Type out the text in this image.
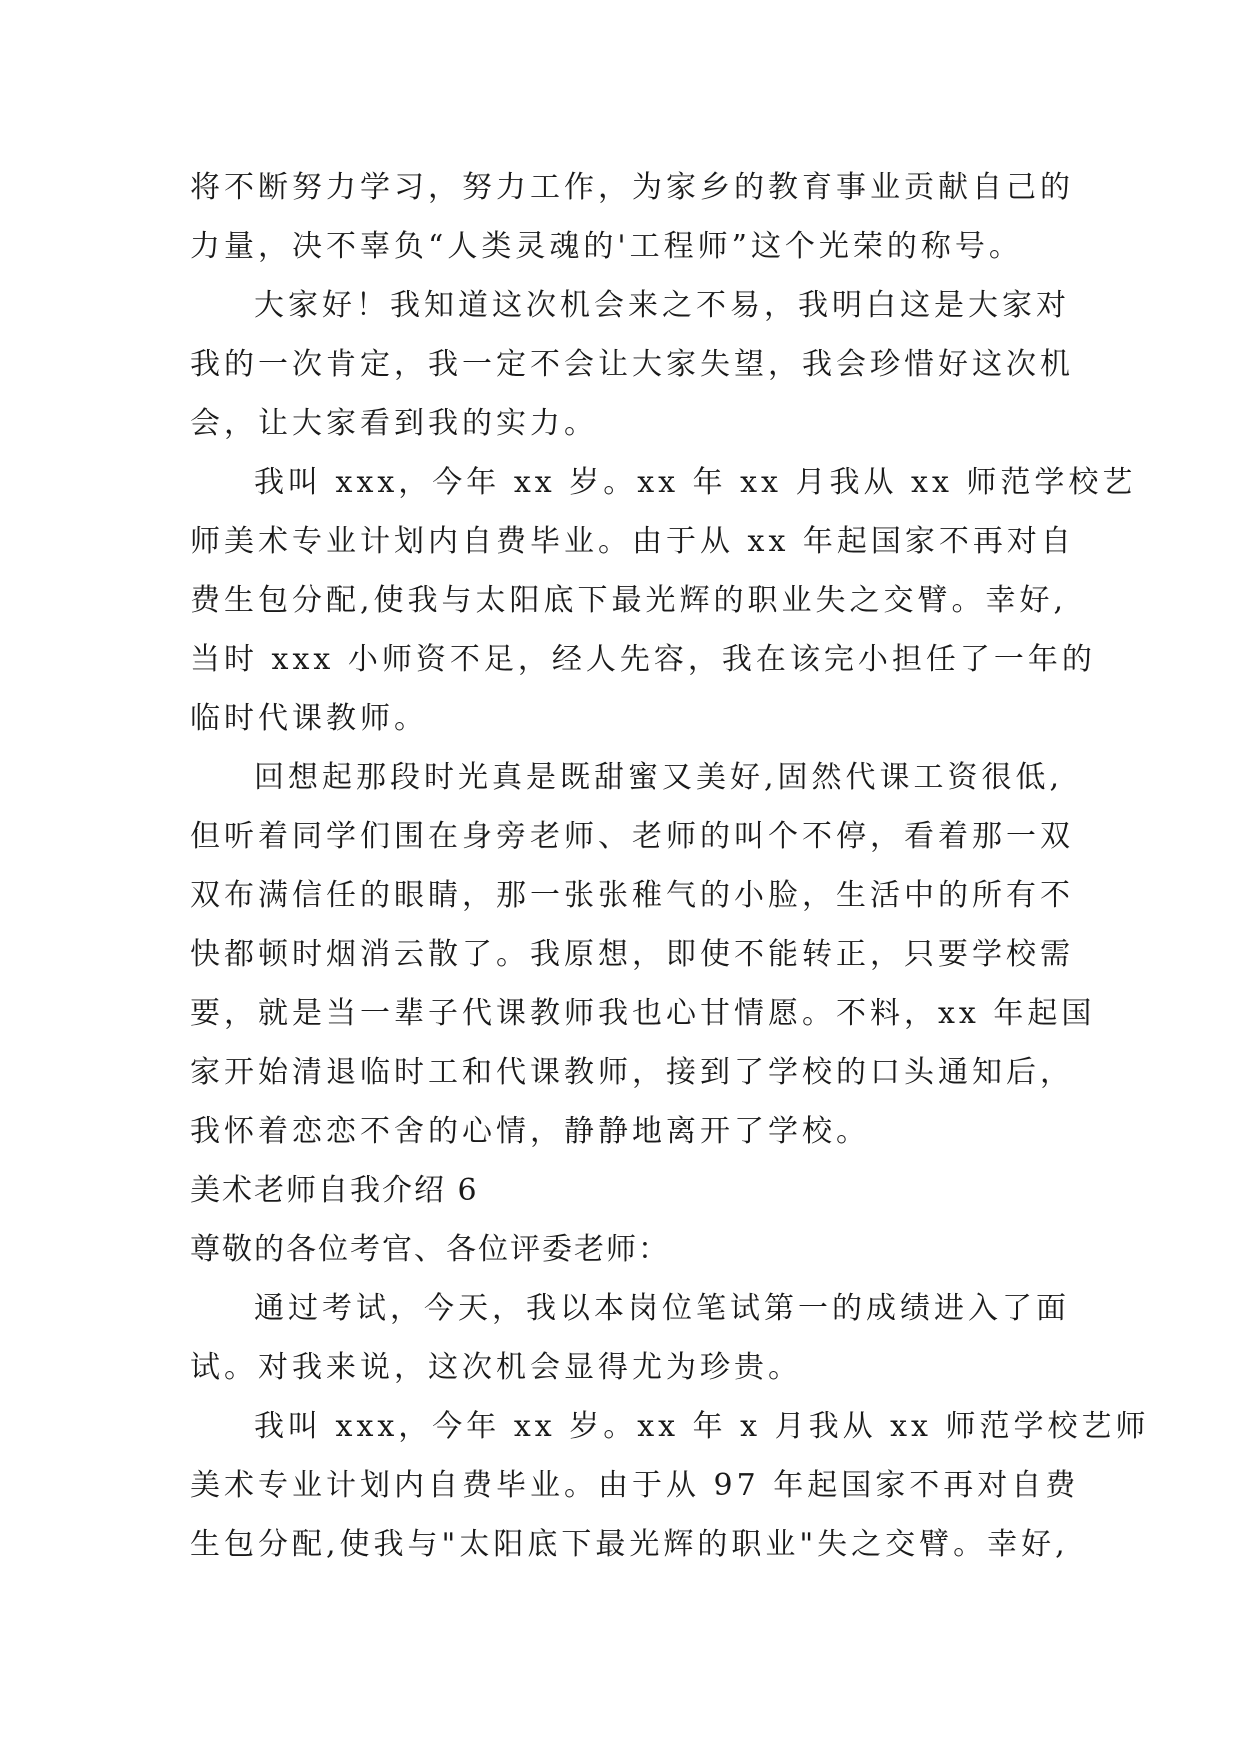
将不断努力学习，努力工作，为家乡的教育事业贡献自己的
力量，决不辜负“人类灵魂的'工程师”这个光荣的称号。
大家好！我知道这次机会来之不易，我明白这是大家对
我的一次肯定，我一定不会让大家失望，我会珍惜好这次机
会，让大家看到我的实力。
我叫 xxx，今年 xx 岁。xx 年 xx 月我从 xx 师范学校艺
师美术专业计划内自费毕业。由于从 xx 年起国家不再对自
费生包分配,使我与太阳底下最光辉的职业失之交臂。幸好,
当时 xxx 小师资不足，经人先容，我在该完小担任了一年的
临时代课教师。
回想起那段时光真是既甜蜜又美好,固然代课工资很低,
但听着同学们围在身旁老师、老师的叫个不停，看着那一双
双布满信任的眼睛，那一张张稚气的小脸，生活中的所有不
快都顿时烟消云散了。我原想，即使不能转正，只要学校需
要，就是当一辈子代课教师我也心甘情愿。不料，xx 年起国
家开始清退临时工和代课教师，接到了学校的口头通知后，
我怀着恋恋不舍的心情，静静地离开了学校。
美术老师自我介绍 6
尊敬的各位考官、各位评委老师：
通过考试，今天，我以本岗位笔试第一的成绩进入了面
试。对我来说，这次机会显得尤为珍贵。
我叫 xxx，今年 xx 岁。xx 年 x 月我从 xx 师范学校艺师
美术专业计划内自费毕业。由于从 97 年起国家不再对自费
生包分配,使我与"太阳底下最光辉的职业"失之交臂。幸好,
